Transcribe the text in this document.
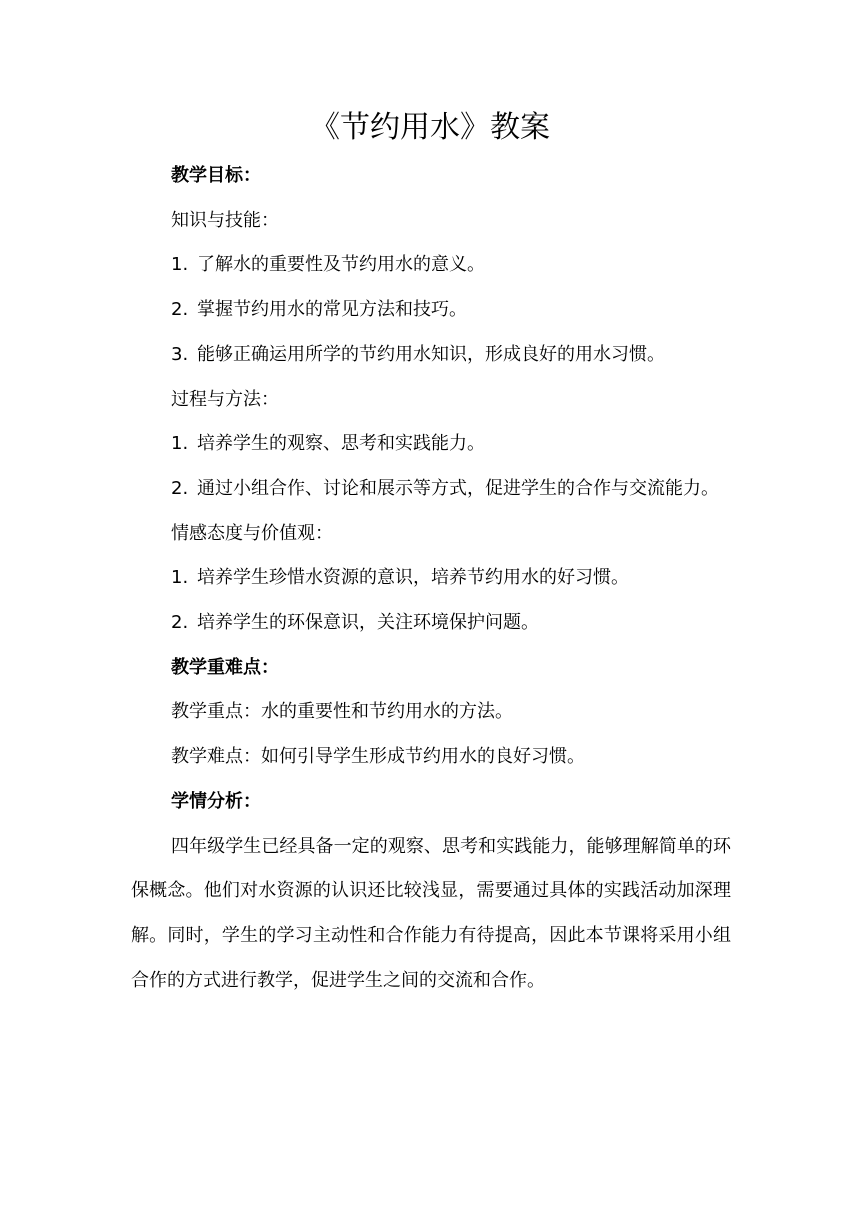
《节约用水》教案

教学目标：

知识与技能：

1. 了解水的重要性及节约用水的意义。

2. 掌握节约用水的常见方法和技巧。

3. 能够正确运用所学的节约用水知识，形成良好的用水习惯。

过程与方法：

1. 培养学生的观察、思考和实践能力。

2. 通过小组合作、讨论和展示等方式，促进学生的合作与交流能力。

情感态度与价值观：

1. 培养学生珍惜水资源的意识，培养节约用水的好习惯。

2. 培养学生的环保意识，关注环境保护问题。

教学重难点：

教学重点：水的重要性和节约用水的方法。

教学难点：如何引导学生形成节约用水的良好习惯。

学情分析：

四年级学生已经具备一定的观察、思考和实践能力，能够理解简单的环保概念。他们对水资源的认识还比较浅显，需要通过具体的实践活动加深理解。同时，学生的学习主动性和合作能力有待提高，因此本节课将采用小组合作的方式进行教学，促进学生之间的交流和合作。
